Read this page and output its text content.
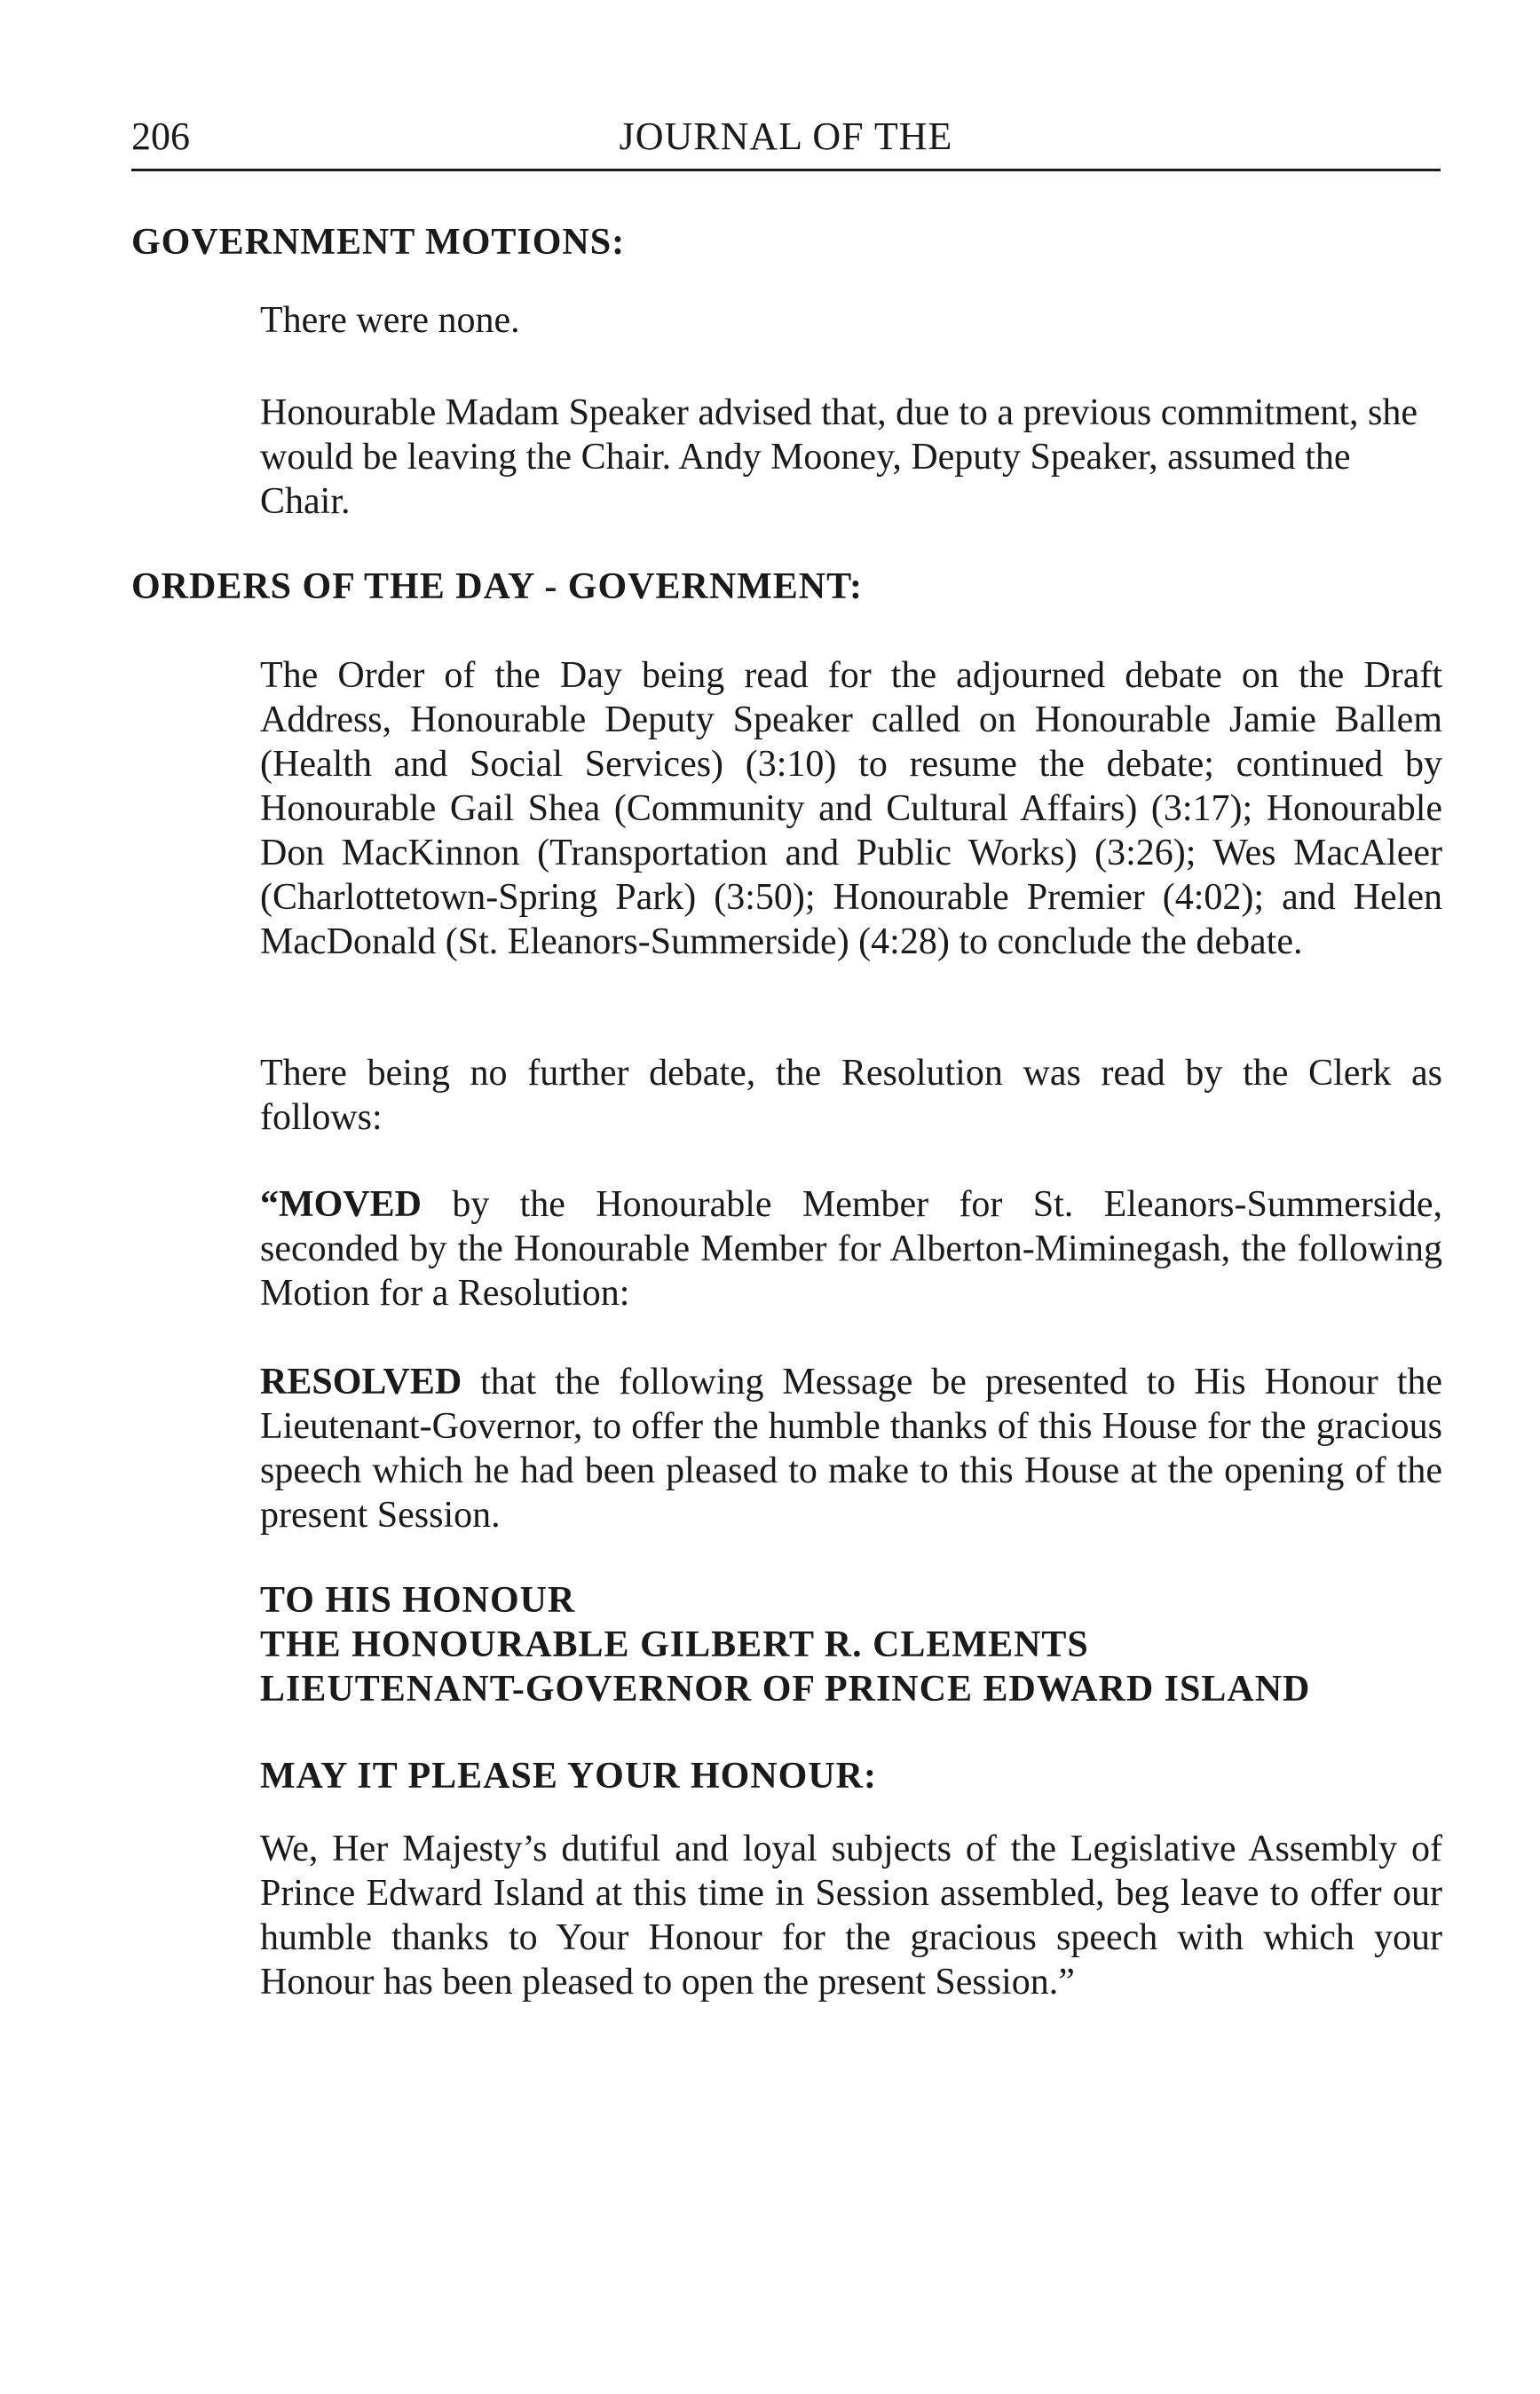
206	JOURNAL OF THE
GOVERNMENT MOTIONS:
There were none.
Honourable Madam Speaker advised that, due to a previous commitment, she would be leaving the Chair. Andy Mooney, Deputy Speaker, assumed the Chair.
ORDERS OF THE DAY - GOVERNMENT:
The Order of the Day being read for the adjourned debate on the Draft Address, Honourable Deputy Speaker called on Honourable Jamie Ballem (Health and Social Services) (3:10) to resume the debate; continued by Honourable Gail Shea (Community and Cultural Affairs) (3:17); Honourable Don MacKinnon (Transportation and Public Works) (3:26); Wes MacAleer (Charlottetown-Spring Park) (3:50); Honourable Premier (4:02); and Helen MacDonald (St. Eleanors-Summerside) (4:28) to conclude the debate.
There being no further debate, the Resolution was read by the Clerk as follows:
“MOVED by the Honourable Member for St. Eleanors-Summerside, seconded by the Honourable Member for Alberton-Miminegash, the following Motion for a Resolution:
RESOLVED that the following Message be presented to His Honour the Lieutenant-Governor, to offer the humble thanks of this House for the gracious speech which he had been pleased to make to this House at the opening of the present Session.
TO HIS HONOUR
THE HONOURABLE GILBERT R. CLEMENTS
LIEUTENANT-GOVERNOR OF PRINCE EDWARD ISLAND
MAY IT PLEASE YOUR HONOUR:
We, Her Majesty’s dutiful and loyal subjects of the Legislative Assembly of Prince Edward Island at this time in Session assembled, beg leave to offer our humble thanks to Your Honour for the gracious speech with which your Honour has been pleased to open the present Session.”
